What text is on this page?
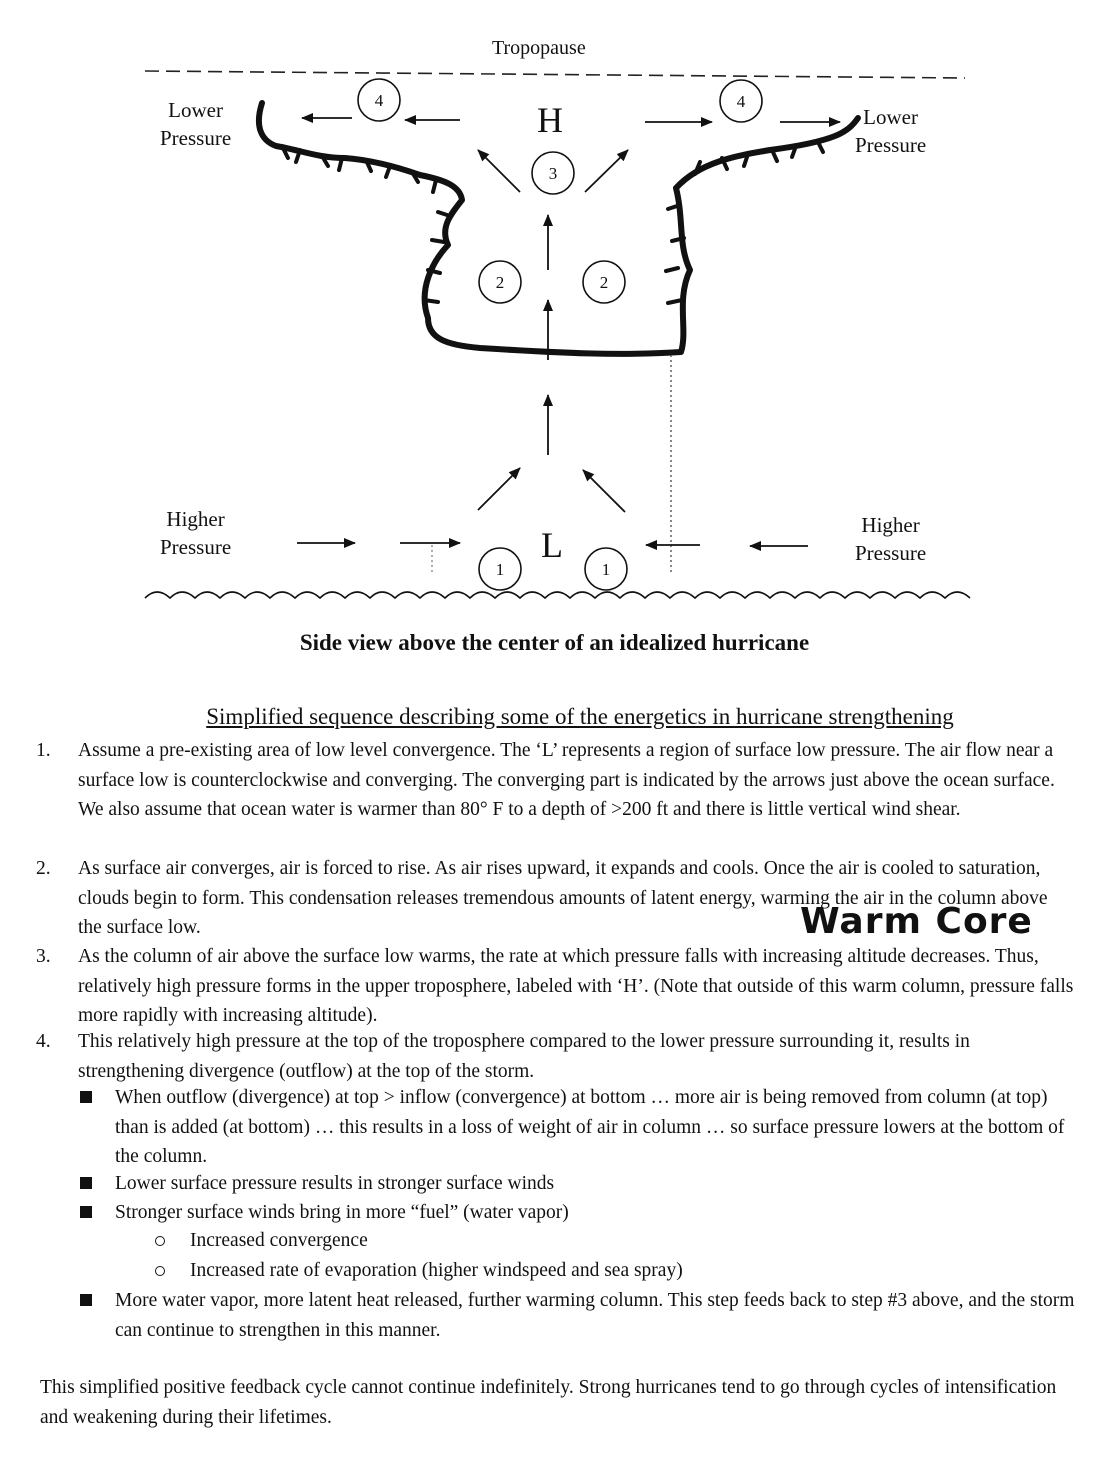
4	4
3
2	2
1	1
Tropopause
Lower
Pressure
Lower
Pressure
Higher
Pressure
Higher
Pressure
H
L
Side view above the center of an idealized hurricane
Simplified sequence describing some of the energetics in hurricane strengthening
1.	Assume a pre-existing area of low level convergence. The ‘L’ represents a region of surface low pressure. The air flow near a surface low is counterclockwise and converging. The converging part is indicated by the arrows just above the ocean surface. We also assume that ocean water is warmer than 80° F to a depth of >200 ft and there is little vertical wind shear.
2.	As surface air converges, air is forced to rise. As air rises upward, it expands and cools. Once the air is cooled to saturation, clouds begin to form. This condensation releases tremendous amounts of latent energy, warming the air in the column above the surface low.	Warm Core
3.	As the column of air above the surface low warms, the rate at which pressure falls with increasing altitude decreases. Thus, relatively high pressure forms in the upper troposphere, labeled with ‘H’. (Note that outside of this warm column, pressure falls more rapidly with increasing altitude).
4.	This relatively high pressure at the top of the troposphere compared to the lower pressure surrounding it, results in strengthening divergence (outflow) at the top of the storm.
When outflow (divergence) at top > inflow (convergence) at bottom … more air is being removed from column (at top) than is added (at bottom) … this results in a loss of weight of air in column … so surface pressure lowers at the bottom of the column.
Lower surface pressure results in stronger surface winds
Stronger surface winds bring in more “fuel” (water vapor)
Increased convergence
Increased rate of evaporation (higher windspeed and sea spray)
More water vapor, more latent heat released, further warming column. This step feeds back to step #3 above, and the storm can continue to strengthen in this manner.
This simplified positive feedback cycle cannot continue indefinitely. Strong hurricanes tend to go through cycles of intensification and weakening during their lifetimes.
